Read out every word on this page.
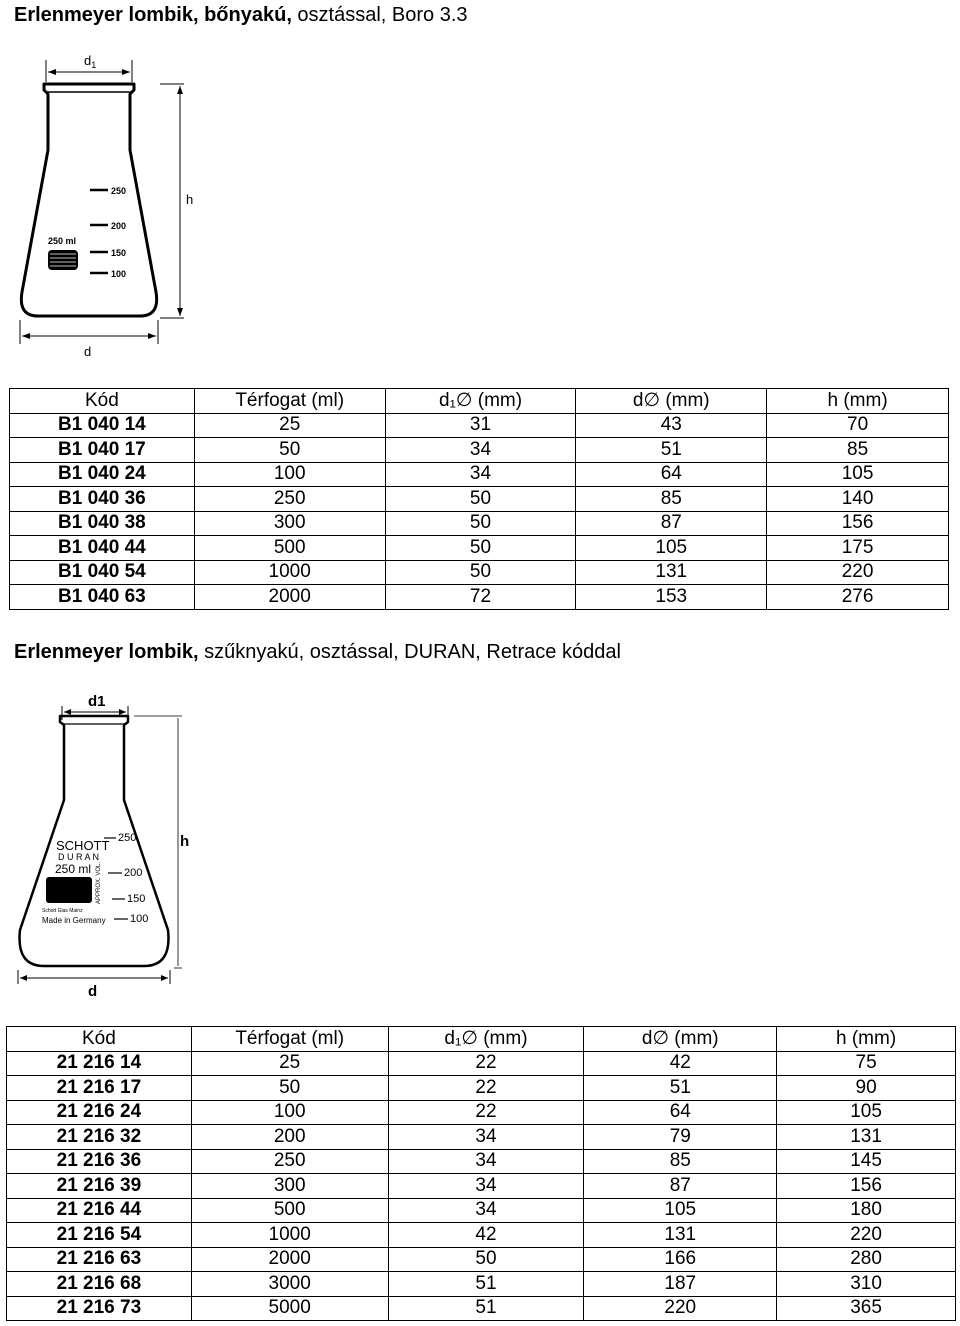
Erlenmeyer lombik, bőnyakú, osztással, Boro 3.3
$d_1$
250
200
150
100
250 ml
h
d
Kód	Térfogat (ml)	d₁∅ (mm)	d∅ (mm)	h (mm)
B1 040 14	25	31	43	70
B1 040 17	50	34	51	85
B1 040 24	100	34	64	105
B1 040 36	250	50	85	140
B1 040 38	300	50	87	156
B1 040 44	500	50	105	175
B1 040 54	1000	50	131	220
B1 040 63	2000	72	153	276
Erlenmeyer lombik, szűknyakú, osztással, DURAN, Retrace kóddal
d1
SCHOTT
D U R A N
250 ml
Schott Glas Mainz
Made in Germany
250
200
150
100
APPROX. VOL.
h
d
Kód	Térfogat (ml)	d₁∅ (mm)	d∅ (mm)	h (mm)
21 216 14	25	22	42	75
21 216 17	50	22	51	90
21 216 24	100	22	64	105
21 216 32	200	34	79	131
21 216 36	250	34	85	145
21 216 39	300	34	87	156
21 216 44	500	34	105	180
21 216 54	1000	42	131	220
21 216 63	2000	50	166	280
21 216 68	3000	51	187	310
21 216 73	5000	51	220	365
